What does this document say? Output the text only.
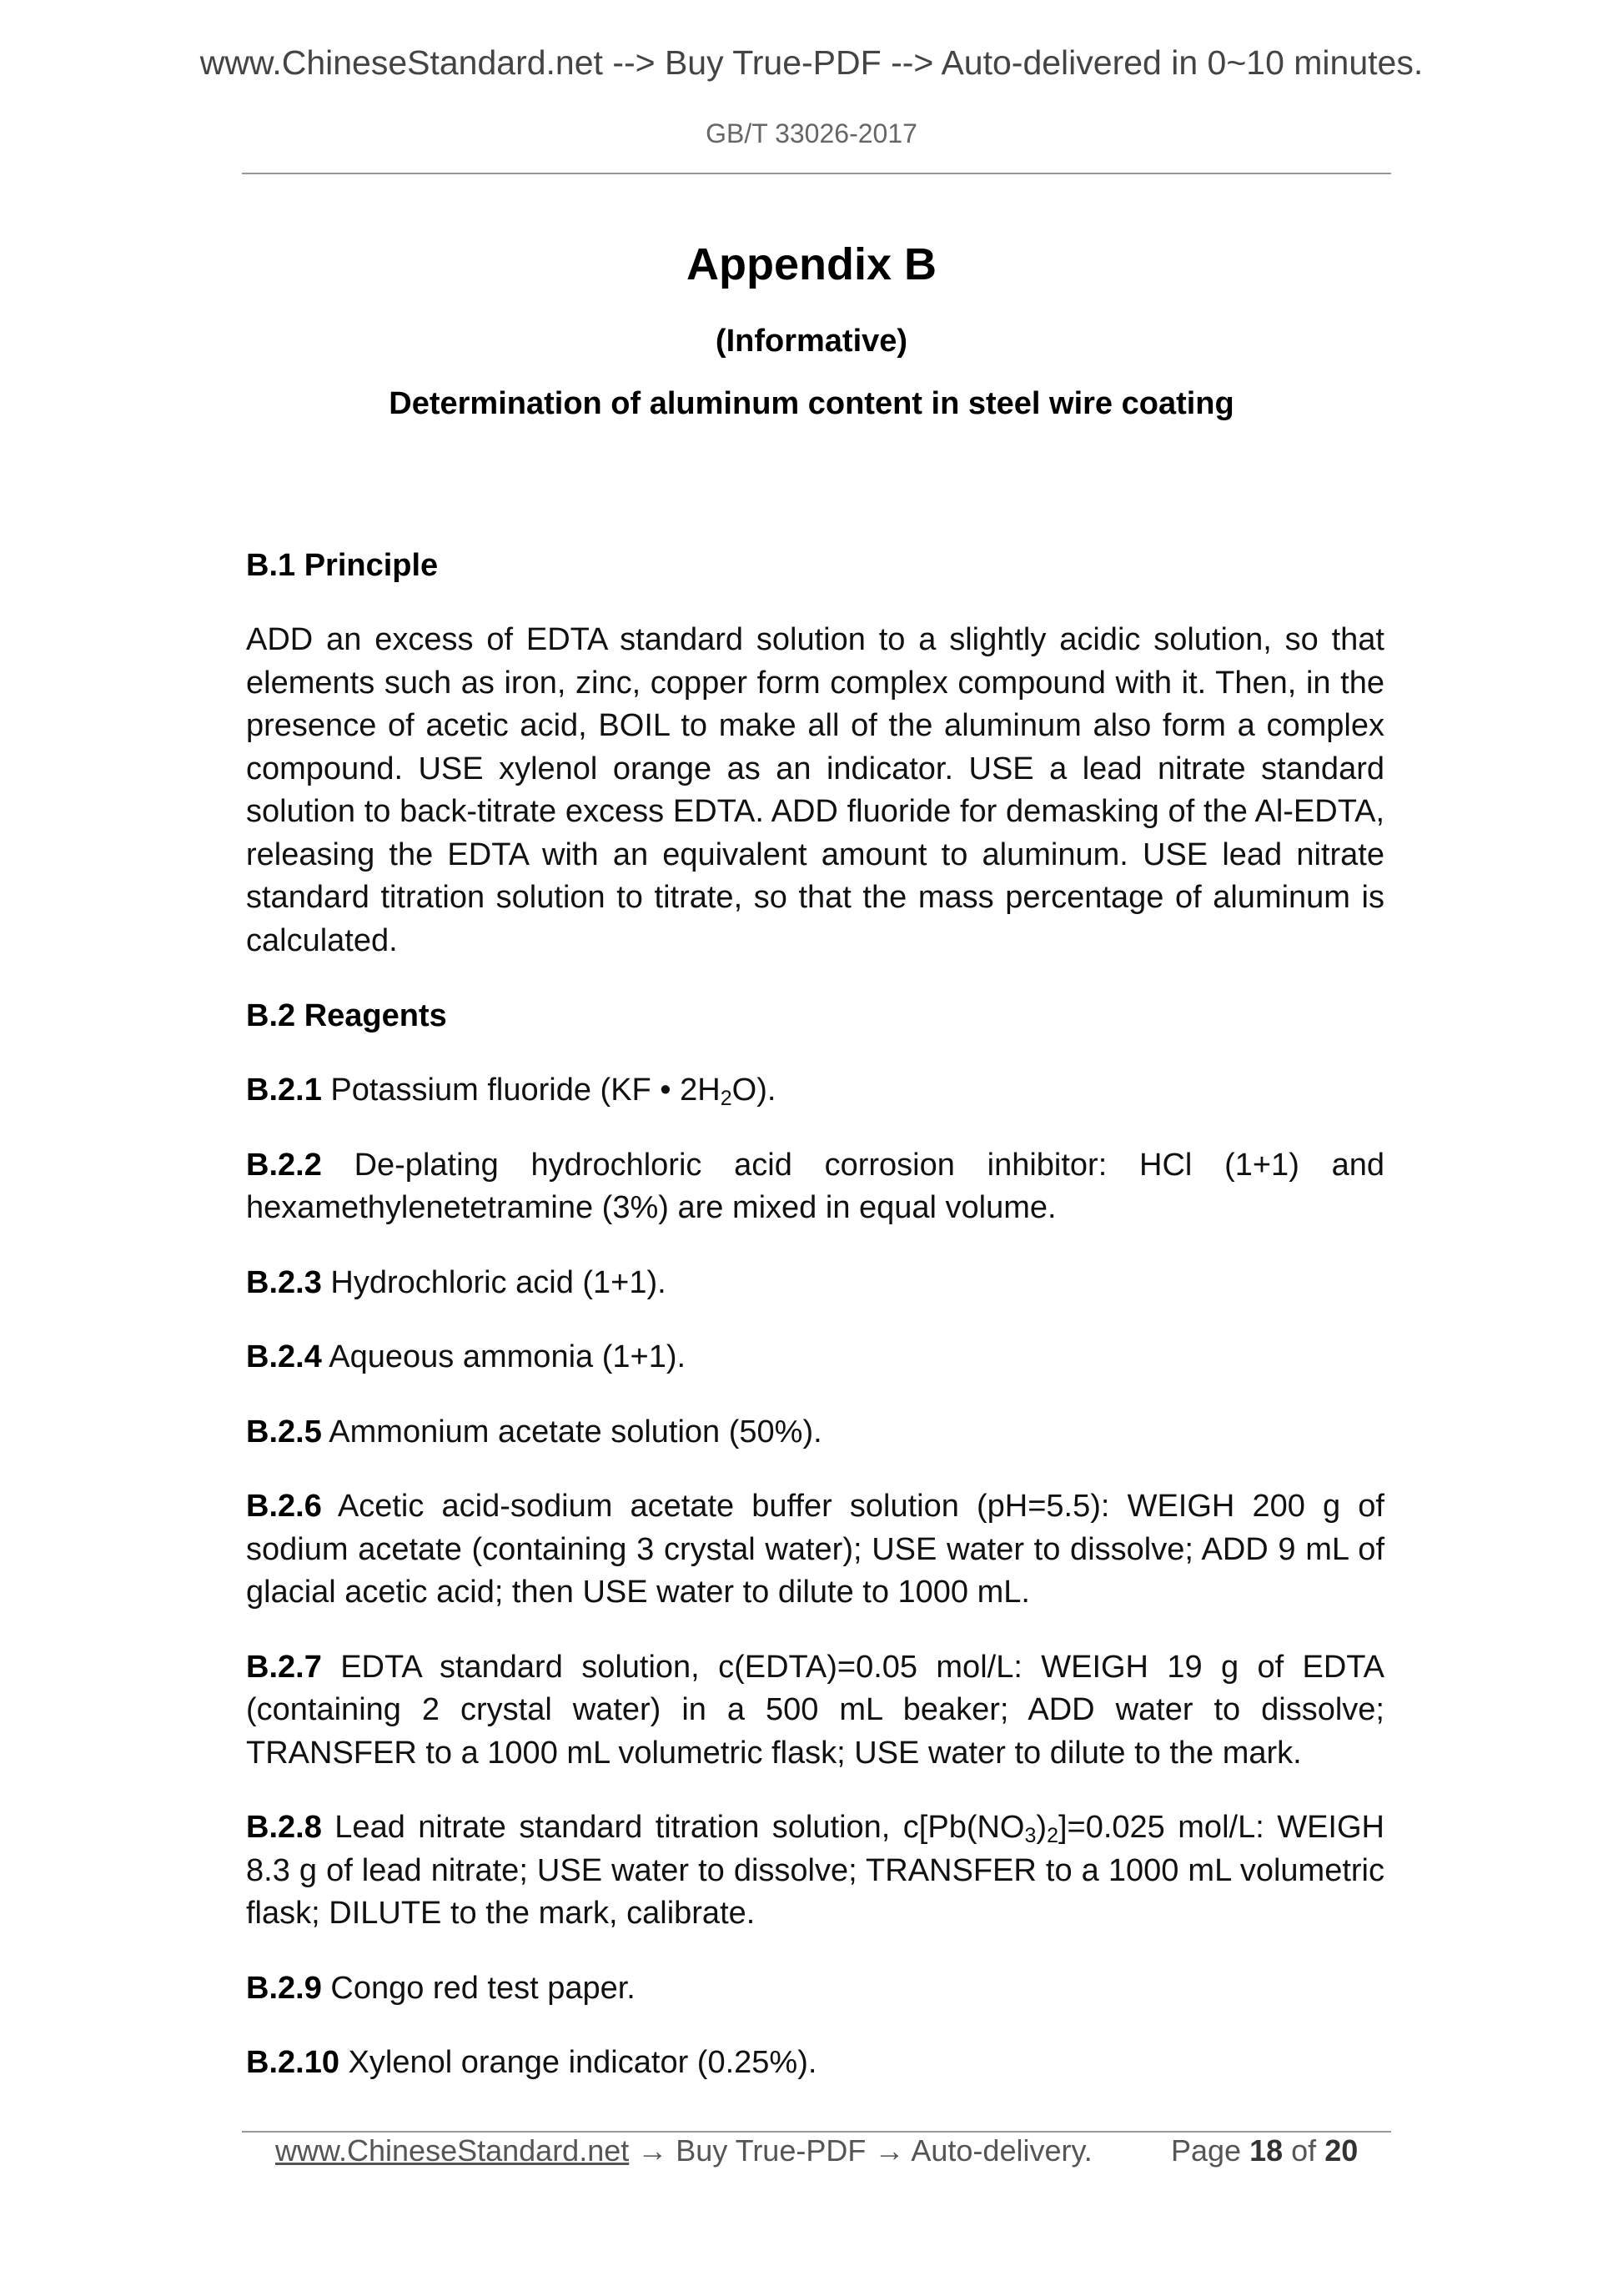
www.ChineseStandard.net --> Buy True-PDF --> Auto-delivered in 0~10 minutes.
GB/T 33026-2017
Appendix B
(Informative)
Determination of aluminum content in steel wire coating
B.1 Principle

ADD an excess of EDTA standard solution to a slightly acidic solution, so that elements such as iron, zinc, copper form complex compound with it. Then, in the presence of acetic acid, BOIL to make all of the aluminum also form a complex compound. USE xylenol orange as an indicator. USE a lead nitrate standard solution to back-titrate excess EDTA. ADD fluoride for demasking of the Al-EDTA, releasing the EDTA with an equivalent amount to aluminum. USE lead nitrate standard titration solution to titrate, so that the mass percentage of aluminum is calculated.

B.2 Reagents

B.2.1 Potassium fluoride (KF • $2H_2O$).

B.2.2 De-plating hydrochloric acid corrosion inhibitor: HCl (1+1) and hexamethylenetetramine (3%) are mixed in equal volume.

B.2.3 Hydrochloric acid (1+1).

B.2.4 Aqueous ammonia (1+1).

B.2.5 Ammonium acetate solution (50%).

B.2.6 Acetic acid-sodium acetate buffer solution (pH=5.5): WEIGH 200 g of sodium acetate (containing 3 crystal water); USE water to dissolve; ADD 9 mL of glacial acetic acid; then USE water to dilute to 1000 mL.

B.2.7 EDTA standard solution, c(EDTA)=0.05 mol/L: WEIGH 19 g of EDTA (containing 2 crystal water) in a 500 mL beaker; ADD water to dissolve; TRANSFER to a 1000 mL volumetric flask; USE water to dilute to the mark.

B.2.8 Lead nitrate standard titration solution, $c[Pb(NO_3)_2]=0.025$ mol/L: WEIGH 8.3 g of lead nitrate; USE water to dissolve; TRANSFER to a 1000 mL volumetric flask; DILUTE to the mark, calibrate.

B.2.9 Congo red test paper.

B.2.10 Xylenol orange indicator (0.25%).

www.ChineseStandard.net → Buy True-PDF → Auto-delivery.	Page 18 of 20
